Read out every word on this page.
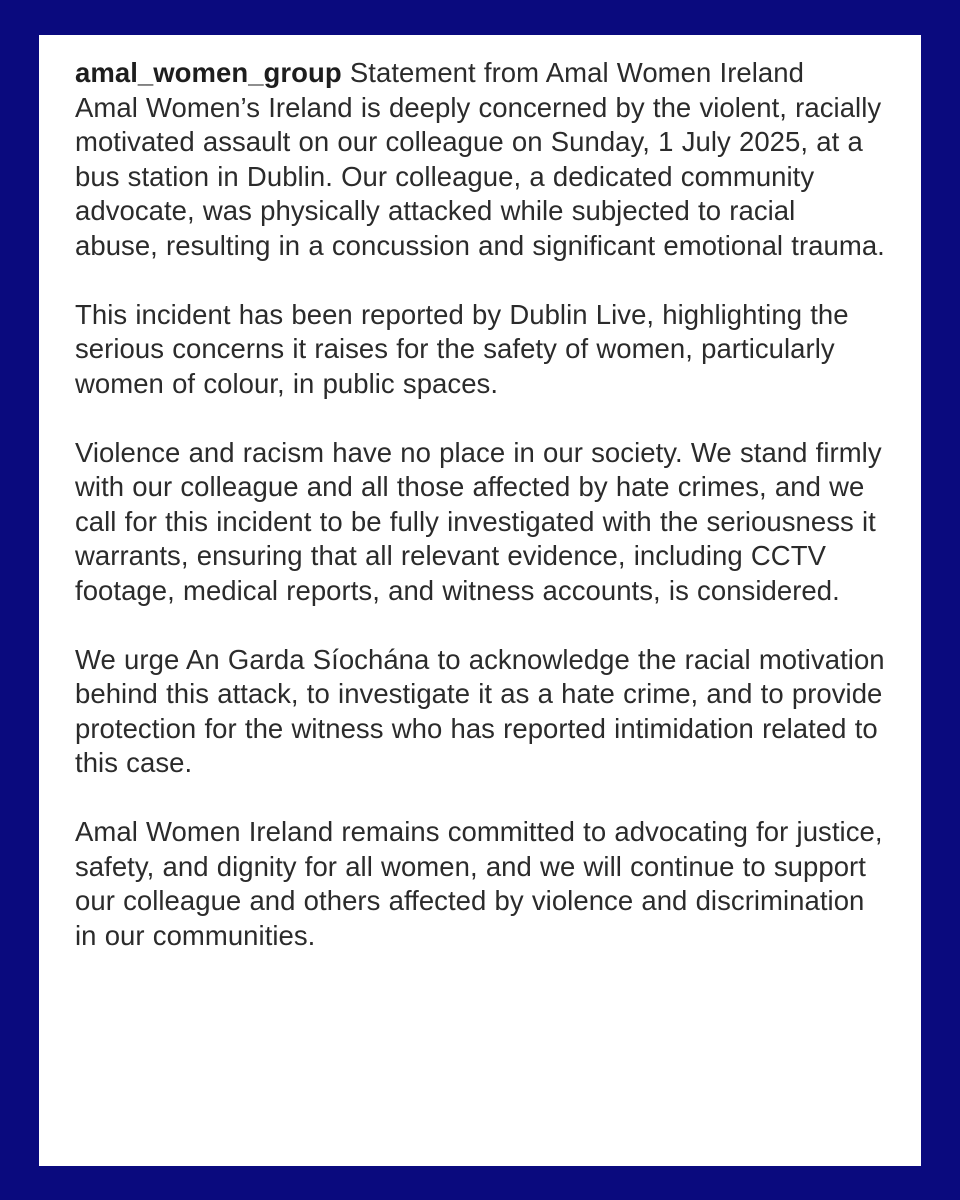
amal_women_group Statement from Amal Women Ireland

Amal Women’s Ireland is deeply concerned by the violent, racially motivated assault on our colleague on Sunday, 1 July 2025, at a bus station in Dublin. Our colleague, a dedicated community advocate, was physically attacked while subjected to racial abuse, resulting in a concussion and significant emotional trauma.

This incident has been reported by Dublin Live, highlighting the serious concerns it raises for the safety of women, particularly women of colour, in public spaces.

Violence and racism have no place in our society. We stand firmly with our colleague and all those affected by hate crimes, and we call for this incident to be fully investigated with the seriousness it warrants, ensuring that all relevant evidence, including CCTV footage, medical reports, and witness accounts, is considered.

We urge An Garda Síochána to acknowledge the racial motivation behind this attack, to investigate it as a hate crime, and to provide protection for the witness who has reported intimidation related to this case.

Amal Women Ireland remains committed to advocating for justice, safety, and dignity for all women, and we will continue to support our colleague and others affected by violence and discrimination in our communities.
